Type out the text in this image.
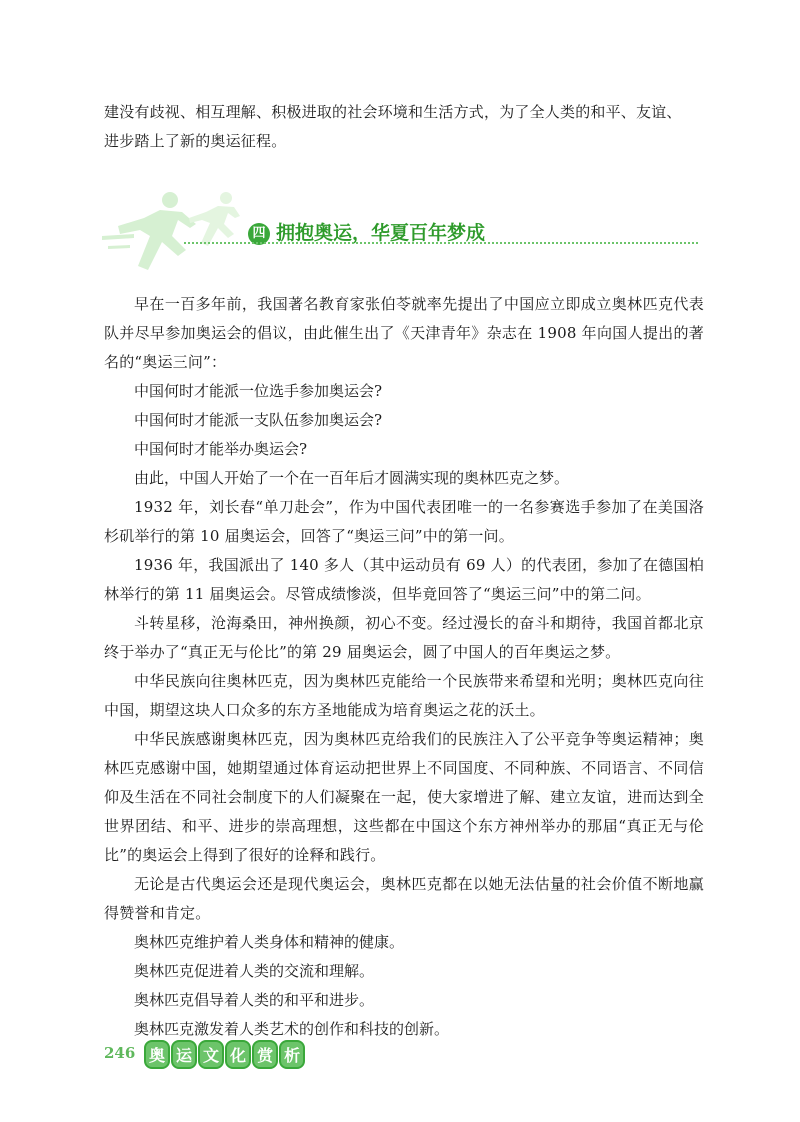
建没有歧视、相互理解、积极进取的社会环境和生活方式，为了全人类的和平、友谊、
进步踏上了新的奥运征程。

四 拥抱奥运，华夏百年梦成

早在一百多年前，我国著名教育家张伯苓就率先提出了中国应立即成立奥林匹克代表队并尽早参加奥运会的倡议，由此催生出了《天津青年》杂志在 1908 年向国人提出的著名的“奥运三问”：

中国何时才能派一位选手参加奥运会?
中国何时才能派一支队伍参加奥运会?
中国何时才能举办奥运会?
由此，中国人开始了一个在一百年后才圆满实现的奥林匹克之梦。

1932 年，刘长春“单刀赴会”，作为中国代表团唯一的一名参赛选手参加了在美国洛杉矶举行的第 10 届奥运会，回答了“奥运三问”中的第一问。

1936 年，我国派出了 140 多人（其中运动员有 69 人）的代表团，参加了在德国柏林举行的第 11 届奥运会。尽管成绩惨淡，但毕竟回答了“奥运三问”中的第二问。

斗转星移，沧海桑田，神州换颜，初心不变。经过漫长的奋斗和期待，我国首都北京终于举办了“真正无与伦比”的第 29 届奥运会，圆了中国人的百年奥运之梦。

中华民族向往奥林匹克，因为奥林匹克能给一个民族带来希望和光明；奥林匹克向往中国，期望这块人口众多的东方圣地能成为培育奥运之花的沃土。

中华民族感谢奥林匹克，因为奥林匹克给我们的民族注入了公平竞争等奥运精神；奥林匹克感谢中国，她期望通过体育运动把世界上不同国度、不同种族、不同语言、不同信仰及生活在不同社会制度下的人们凝聚在一起，使大家增进了解、建立友谊，进而达到全世界团结、和平、进步的崇高理想，这些都在中国这个东方神州举办的那届“真正无与伦比”的奥运会上得到了很好的诠释和践行。

无论是古代奥运会还是现代奥运会，奥林匹克都在以她无法估量的社会价值不断地赢得赞誉和肯定。

奥林匹克维护着人类身体和精神的健康。
奥林匹克促进着人类的交流和理解。
奥林匹克倡导着人类的和平和进步。
奥林匹克激发着人类艺术的创作和科技的创新。
246 奥 运 文 化 赏 析
